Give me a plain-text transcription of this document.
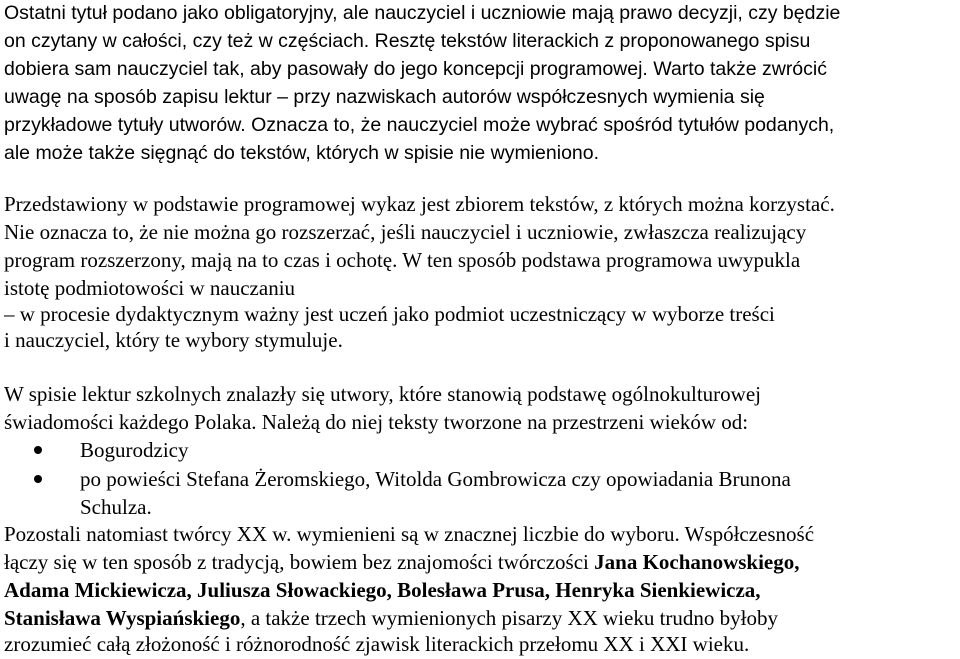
Ostatni tytuł podano jako obligatoryjny, ale nauczyciel i uczniowie mają prawo decyzji, czy będzie
on czytany w całości, czy też w częściach. Resztę tekstów literackich z proponowanego spisu
dobiera sam nauczyciel tak, aby pasowały do jego koncepcji programowej. Warto także zwrócić
uwagę na sposób zapisu lektur – przy nazwiskach autorów współczesnych wymienia się
przykładowe tytuły utworów. Oznacza to, że nauczyciel może wybrać spośród tytułów podanych,
ale może także sięgnąć do tekstów, których w spisie nie wymieniono.
Przedstawiony w podstawie programowej wykaz jest zbiorem tekstów, z których można korzystać.
Nie oznacza to, że nie można go rozszerzać, jeśli nauczyciel i uczniowie, zwłaszcza realizujący
program rozszerzony, mają na to czas i ochotę. W ten sposób podstawa programowa uwypukla
istotę podmiotowości w nauczaniu
– w procesie dydaktycznym ważny jest uczeń jako podmiot uczestniczący w wyborze treści
i nauczyciel, który te wybory stymuluje.
W spisie lektur szkolnych znalazły się utwory, które stanowią podstawę ogólnokulturowej
świadomości każdego Polaka. Należą do niej teksty tworzone na przestrzeni wieków od:
Bogurodzicy
po powieści Stefana Żeromskiego, Witolda Gombrowicza czy opowiadania Brunona
Schulza.
Pozostali natomiast twórcy XX w. wymienieni są w znacznej liczbie do wyboru. Współczesność
łączy się w ten sposób z tradycją, bowiem bez znajomości twórczości Jana Kochanowskiego,
Adama Mickiewicza, Juliusza Słowackiego, Bolesława Prusa, Henryka Sienkiewicza,
Stanisława Wyspiańskiego, a także trzech wymienionych pisarzy XX wieku trudno byłoby
zrozumieć całą złożoność i różnorodność zjawisk literackich przełomu XX i XXI wieku.
